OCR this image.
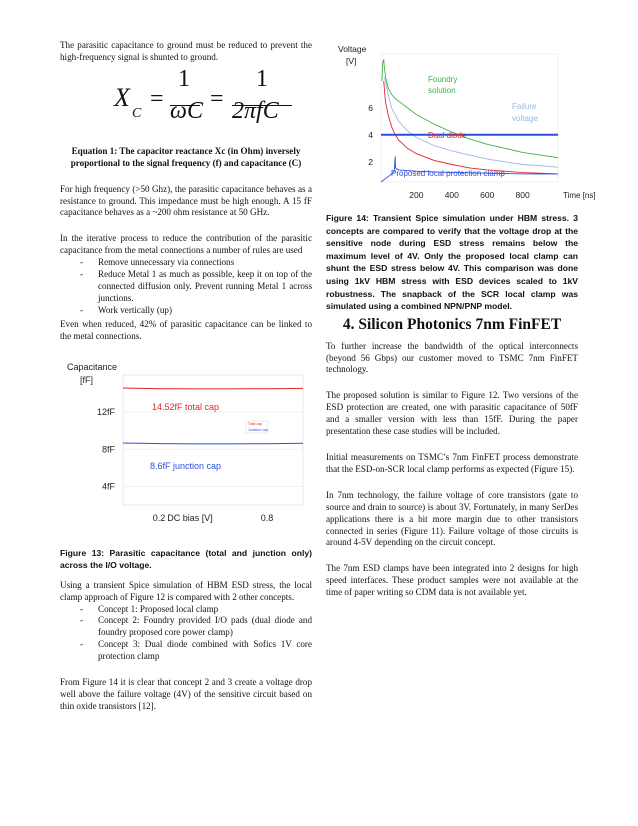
The parasitic capacitance to ground must be reduced to prevent the high-frequency signal is shunted to ground.

X
C
=
1
ωC =
1
2πfC

Equation 1: The capacitor reactance Xc (in Ohm) inversely proportional to the signal frequency (f) and capacitance (C)

For high frequency (>50 Ghz), the parasitic capacitance behaves as a resistance to ground. This impedance must be high enough. A 15 fF capacitance behaves as a ~200 ohm resistance at 50 GHz.

In the iterative process to reduce the contribution of the parasitic capacitance from the metal connections a number of rules are used

- Remove unnecessary via connections
- Reduce Metal 1 as much as possible, keep it on top of the connected diffusion only. Prevent running Metal 1 across junctions.
- Work vertically (up)

Even when reduced, 42% of parasitic capacitance can be linked to the metal connections.

Capacitance
[fF]
4fF
8fF
12fF
0.2	0.8
Total cap
Junction cap
14.52fF total cap
8.6fF junction cap
DC bias [V]

Figure 13: Parasitic capacitance (total and junction only) across the I/O voltage.

Using a transient Spice simulation of HBM ESD stress, the local clamp approach of Figure 12 is compared with 2 other concepts.

- Concept 1: Proposed local clamp
- Concept 2: Foundry provided I/O pads (dual diode and foundry proposed core power clamp)
- Concept 3: Dual diode combined with Sofics 1V core protection clamp

From Figure 14 it is clear that concept 2 and 3 create a voltage drop well above the failure voltage (4V) of the sensitive circuit based on thin oxide transistors [12].

Voltage
[V]
2
4
6
200 400 600 800
Foundry
solution
Failure
voltage
Dual diode
Proposed local protection clamp
Time [ns]

Figure 14: Transient Spice simulation under HBM stress. 3 concepts are compared to verify that the voltage drop at the sensitive node during ESD stress remains below the maximum level of 4V. Only the proposed local clamp can shunt the ESD stress below 4V. This comparison was done using 1kV HBM stress with ESD devices scaled to 1kV robustness. The snapback of the SCR local clamp was simulated using a combined NPN/PNP model.

4. Silicon Photonics 7nm FinFET

To further increase the bandwidth of the optical interconnects (beyond 56 Gbps) our customer moved to TSMC 7nm FinFET technology.

The proposed solution is similar to Figure 12. Two versions of the ESD protection are created, one with parasitic capacitance of 50fF and a smaller version with less than 15fF. During the paper presentation these case studies will be included.

Initial measurements on TSMC’s 7nm FinFET process demonstrate that the ESD-on-SCR local clamp performs as expected (Figure 15).

In 7nm technology, the failure voltage of core transistors (gate to source and drain to source) is about 3V. Fortunately, in many SerDes applications there is a bit more margin due to other transistors connected in series (Figure 11). Failure voltage of those circuits is around 4-5V depending on the circuit concept.

The 7nm ESD clamps have been integrated into 2 designs for high speed interfaces. These product samples were not available at the time of paper writing so CDM data is not available yet.
